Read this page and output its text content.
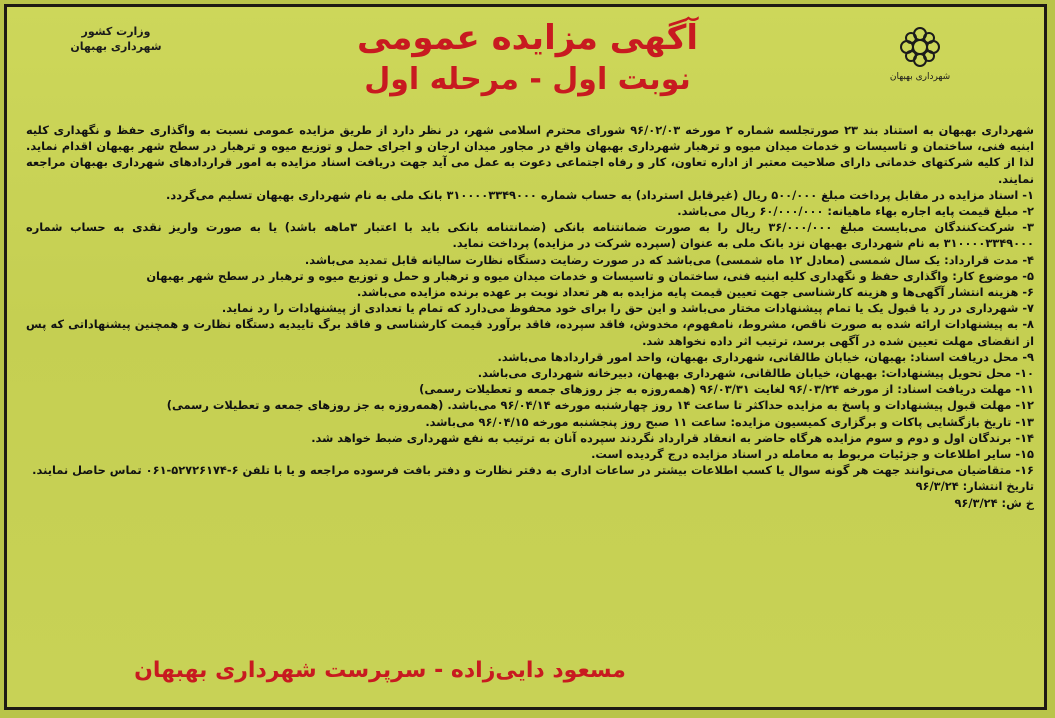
شهرداری بهبهان
وزارت کشور
شهرداری بهبهان	آگهی مزایده عمومی
نوبت اول - مرحله اول

شهرداری بهبهان به استناد بند ۲۳ صورتجلسه شماره ۲ مورخه ۹۶/۰۲/۰۳ شورای محترم اسلامی شهر، در نظر دارد از طریق مزایده عمومی نسبت به واگذاری حفظ و نگهداری کلیه ابنیه فنی، ساختمان و تاسیسات و خدمات میدان میوه و ترهبار شهرداری بهبهان واقع در مجاور میدان ارجان و اجرای حمل و توزیع میوه و ترهبار در سطح شهر بهبهان اقدام نماید. لذا از کلیه شرکتهای خدماتی دارای صلاحیت معتبر از اداره تعاون، کار و رفاه اجتماعی دعوت به عمل می آید جهت دریافت اسناد مزایده به امور قراردادهای شهرداری بهبهان مراجعه نمایند.

۱- اسناد مزایده در مقابل پرداخت مبلغ ۵۰۰/۰۰۰ ریال (غیرقابل استرداد) به حساب شماره ۳۱۰۰۰۰۳۳۴۹۰۰۰ بانک ملی به نام شهرداری بهبهان تسلیم می‌گردد.

۲- مبلغ قیمت پایه اجاره بهاء ماهیانه: ۶۰/۰۰۰/۰۰۰ ریال می‌باشد.

۳- شرکت‌کنندگان می‌بایست مبلغ ۳۶/۰۰۰/۰۰۰ ریال را به صورت ضمانتنامه بانکی (ضمانتنامه بانکی باید با اعتبار ۳ماهه باشد) یا به صورت واریز نقدی به حساب شماره ۳۱۰۰۰۰۳۳۴۹۰۰۰ به نام شهرداری بهبهان نزد بانک ملی به عنوان (سپرده شرکت در مزایده) پرداخت نماید.

۴- مدت قرارداد: یک سال شمسی (معادل ۱۲ ماه شمسی) می‌باشد که در صورت رضایت دستگاه نظارت سالیانه قابل تمدید می‌باشد.

۵- موضوع کار: واگذاری حفظ و نگهداری کلیه ابنیه فنی، ساختمان و تاسیسات و خدمات میدان میوه و ترهبار و حمل و توزیع میوه و ترهبار در سطح شهر بهبهان

۶- هزینه انتشار آگهی‌ها و هزینه کارشناسی جهت تعیین قیمت پایه مزایده به هر تعداد نوبت بر عهده برنده مزایده می‌باشد.

۷- شهرداری در رد یا قبول یک یا تمام پیشنهادات مختار می‌باشد و این حق را برای خود محفوظ می‌دارد که تمام یا تعدادی از پیشنهادات را رد نماید.

۸- به پیشنهادات ارائه شده به صورت ناقص، مشروط، نامفهوم، مخدوش، فاقد سپرده، فاقد برآورد قیمت کارشناسی و فاقد برگ تاییدیه دستگاه نظارت و همچنین پیشنهاداتی که پس از انقضای مهلت تعیین شده در آگهی برسد، ترتیب اثر داده نخواهد شد.

۹- محل دریافت اسناد: بهبهان، خیابان طالقانی، شهرداری بهبهان، واحد امور قراردادها می‌باشد.

۱۰- محل تحویل پیشنهادات: بهبهان، خیابان طالقانی، شهرداری بهبهان، دبیرخانه شهرداری می‌باشد.

۱۱- مهلت دریافت اسناد: از مورخه ۹۶/۰۳/۲۴ لغایت ۹۶/۰۳/۳۱ (همه‌روزه به جز روزهای جمعه و تعطیلات رسمی)

۱۲- مهلت قبول پیشنهادات و پاسخ به مزایده حداکثر تا ساعت ۱۴ روز چهارشنبه مورخه ۹۶/۰۴/۱۴ می‌باشد. (همه‌روزه به جز روزهای جمعه و تعطیلات رسمی)

۱۳- تاریخ بازگشایی پاکات و برگزاری کمیسیون مزایده: ساعت ۱۱ صبح روز پنجشنبه مورخه ۹۶/۰۴/۱۵ می‌باشد.

۱۴- برندگان اول و دوم و سوم مزایده هرگاه حاضر به انعقاد قرارداد نگردند سپرده آنان به ترتیب به نفع شهرداری ضبط خواهد شد.

۱۵- سایر اطلاعات و جزئیات مربوط به معامله در اسناد مزایده درج گردیده است.

۱۶- متقاضیان می‌توانند جهت هر گونه سوال یا کسب اطلاعات بیشتر در ساعات اداری به دفتر نظارت و دفتر بافت فرسوده مراجعه و یا با تلفن ۶-۵۲۷۲۶۱۷۴-۰۶۱ تماس حاصل نمایند.

تاریخ انتشار: ۹۶/۳/۲۴
خ ش: ۹۶/۳/۲۴
مسعود دایی‌زاده - سرپرست شهرداری بهبهان
